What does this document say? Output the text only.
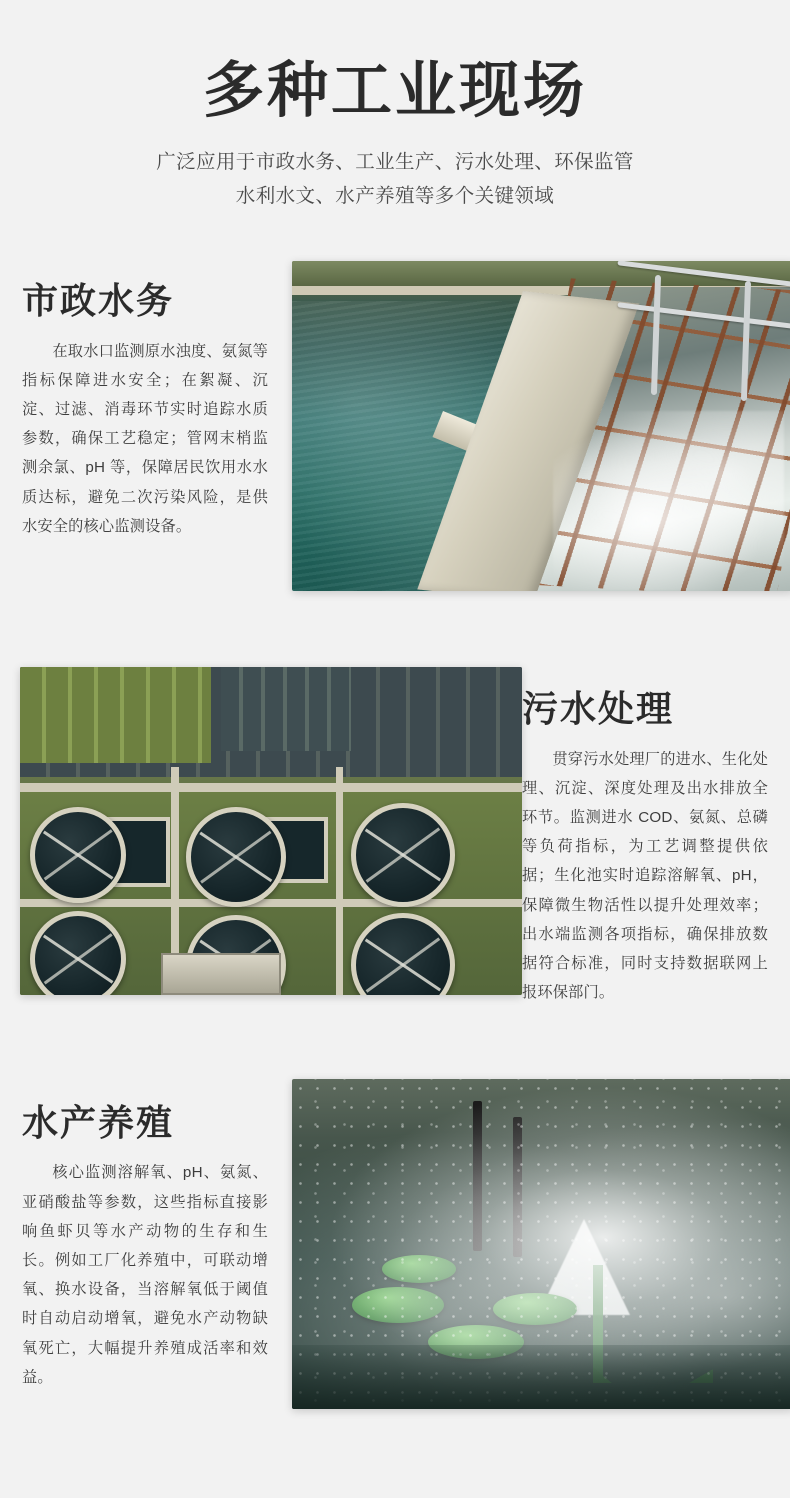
多种工业现场
广泛应用于市政水务、工业生产、污水处理、环保监管
水利水文、水产养殖等多个关键领域
市政水务

在取水口监测原水浊度、氨氮等指标保障进水安全；在絮凝、沉淀、过滤、消毒环节实时追踪水质参数，确保工艺稳定；管网末梢监测余氯、pH 等，保障居民饮用水水质达标，避免二次污染风险，是供水安全的核心监测设备。

污水处理

贯穿污水处理厂的进水、生化处理、沉淀、深度处理及出水排放全环节。监测进水 COD、氨氮、总磷等负荷指标，为工艺调整提供依据；生化池实时追踪溶解氧、pH，保障微生物活性以提升处理效率；出水端监测各项指标，确保排放数据符合标准，同时支持数据联网上报环保部门。

水产养殖

核心监测溶解氧、pH、氨氮、亚硝酸盐等参数，这些指标直接影响鱼虾贝等水产动物的生存和生长。例如工厂化养殖中，可联动增氧、换水设备，当溶解氧低于阈值时自动启动增氧，避免水产动物缺氧死亡，大幅提升养殖成活率和效益。
